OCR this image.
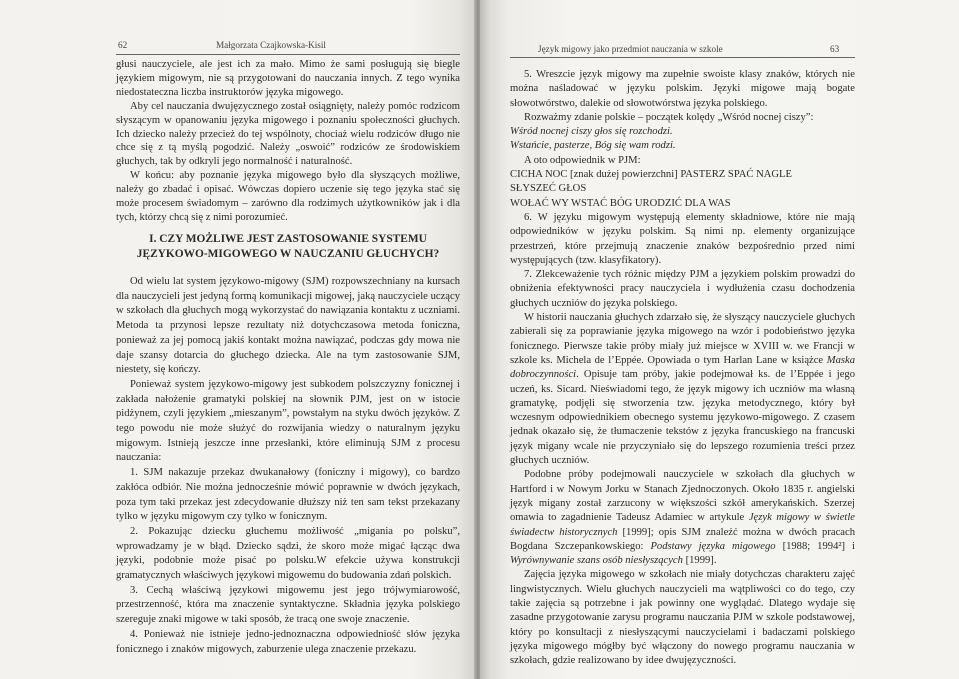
62	Małgorzata Czajkowska-Kisil

głusi nauczyciele, ale jest ich za mało. Mimo że sami posługują się biegle językiem migowym, nie są przygotowani do nauczania innych. Z tego wynika niedostateczna liczba instruktorów języka migowego.

Aby cel nauczania dwujęzycznego został osiągnięty, należy pomóc rodzicom słyszącym w opanowaniu języka migowego i poznaniu społeczności głuchych. Ich dziecko należy przecież do tej wspólnoty, chociaż wielu rodziców długo nie chce się z tą myślą pogodzić. Należy „oswoić” rodziców ze środowiskiem głuchych, tak by odkryli jego normalność i naturalność.

W końcu: aby poznanie języka migowego było dla słyszących możliwe, należy go zbadać i opisać. Wówczas dopiero uczenie się tego języka stać się może procesem świadomym – zarówno dla rodzimych użytkowników jak i dla tych, którzy chcą się z nimi porozumieć.

I. CZY MOŻLIWE JEST ZASTOSOWANIE SYSTEMU
JĘZYKOWO-MIGOWEGO W NAUCZANIU GŁUCHYCH?

Od wielu lat system językowo-migowy (SJM) rozpowszechniany na kursach dla nauczycieli jest jedyną formą komunikacji migowej, jaką nauczyciele uczący w szkołach dla głuchych mogą wykorzystać do nawiązania kontaktu z uczniami. Metoda ta przynosi lepsze rezultaty niż dotychczasowa metoda foniczna, ponieważ za jej pomocą jakiś kontakt można nawiązać, podczas gdy mowa nie daje szansy dotarcia do głuchego dziecka. Ale na tym zastosowanie SJM, niestety, się kończy.

Ponieważ system językowo-migowy jest subkodem polszczyzny fonicznej i zakłada nałożenie gramatyki polskiej na słownik PJM, jest on w istocie pidżynem, czyli językiem „mieszanym”, powstałym na styku dwóch języków. Z tego powodu nie może służyć do rozwijania wiedzy o naturalnym języku migowym. Istnieją jeszcze inne przesłanki, które eliminują SJM z procesu nauczania:

1. SJM nakazuje przekaz dwukanałowy (foniczny i migowy), co bardzo zakłóca odbiór. Nie można jednocześnie mówić poprawnie w dwóch językach, poza tym taki przekaz jest zdecydowanie dłuższy niż ten sam tekst przekazany tylko w języku migowym czy tylko w fonicznym.

2. Pokazując dziecku głuchemu możliwość „migania po polsku”, wprowadzamy je w błąd. Dziecko sądzi, że skoro może migać łącząc dwa języki, podobnie może pisać po polsku.W efekcie używa konstrukcji gramatycznych właściwych językowi migowemu do budowania zdań polskich.

3. Cechą właściwą językowi migowemu jest jego trójwymiarowość, przestrzenność, która ma znaczenie syntaktyczne. Składnia języka polskiego szereguje znaki migowe w taki sposób, że tracą one swoje znaczenie.

4. Ponieważ nie istnieje jedno-jednoznaczna odpowiedniość słów języka fonicznego i znaków migowych, zaburzenie ulega znaczenie przekazu.

Język migowy jako przedmiot nauczania w szkole	63

5. Wreszcie język migowy ma zupełnie swoiste klasy znaków, których nie można naśladować w języku polskim. Języki migowe mają bogate słowotwórstwo, dalekie od słowotwórstwa języka polskiego.

Rozważmy zdanie polskie – początek kolędy „Wśród nocnej ciszy”:

Wśród nocnej ciszy głos się rozchodzi.

Wstańcie, pasterze, Bóg się wam rodzi.

A oto odpowiednik w PJM:

CICHA NOC [znak dużej powierzchni] PASTERZ SPAĆ NAGLE

SŁYSZEĆ GŁOS

WOŁAĆ WY WSTAĆ BÓG URODZIĆ DLA WAS

6. W języku migowym występują elementy składniowe, które nie mają odpowiedników w języku polskim. Są nimi np. elementy organizujące przestrzeń, które przejmują znaczenie znaków bezpośrednio przed nimi występujących (tzw. klasyfikatory).

7. Zlekceważenie tych różnic między PJM a językiem polskim prowadzi do obniżenia efektywności pracy nauczyciela i wydłużenia czasu dochodzenia głuchych uczniów do języka polskiego.

W historii nauczania głuchych zdarzało się, że słyszący nauczyciele głuchych zabierali się za poprawianie języka migowego na wzór i podobieństwo języka fonicznego. Pierwsze takie próby miały już miejsce w XVIII w. we Francji w szkole ks. Michela de l’Eppée. Opowiada o tym Harlan Lane w książce Maska dobroczynności. Opisuje tam próby, jakie podejmował ks. de l’Eppée i jego uczeń, ks. Sicard. Nieświadomi tego, że język migowy ich uczniów ma własną gramatykę, podjęli się stworzenia tzw. języka metodycznego, który był wczesnym odpowiednikiem obecnego systemu językowo-migowego. Z czasem jednak okazało się, że tłumaczenie tekstów z języka francuskiego na francuski język migany wcale nie przyczyniało się do lepszego rozumienia treści przez głuchych uczniów.

Podobne próby podejmowali nauczyciele w szkołach dla głuchych w Hartford i w Nowym Jorku w Stanach Zjednoczonych. Około 1835 r. angielski język migany został zarzucony w większości szkół amerykańskich. Szerzej omawia to zagadnienie Tadeusz Adamiec w artykule Język migowy w świetle świadectw historycznych [1999]; opis SJM znaleźć można w dwóch pracach Bogdana Szczepankowskiego: Podstawy języka migowego [1988; 1994²] i Wyrównywanie szans osób niesłyszących [1999].

Zajęcia języka migowego w szkołach nie miały dotychczas charakteru zajęć lingwistycznych. Wielu głuchych nauczycieli ma wątpliwości co do tego, czy takie zajęcia są potrzebne i jak powinny one wyglądać. Dlatego wydaje się zasadne przygotowanie zarysu programu nauczania PJM w szkole podstawowej, który po konsultacji z niesłyszącymi nauczycielami i badaczami polskiego języka migowego mógłby być włączony do nowego programu nauczania w szkołach, gdzie realizowano by idee dwujęzyczności.
